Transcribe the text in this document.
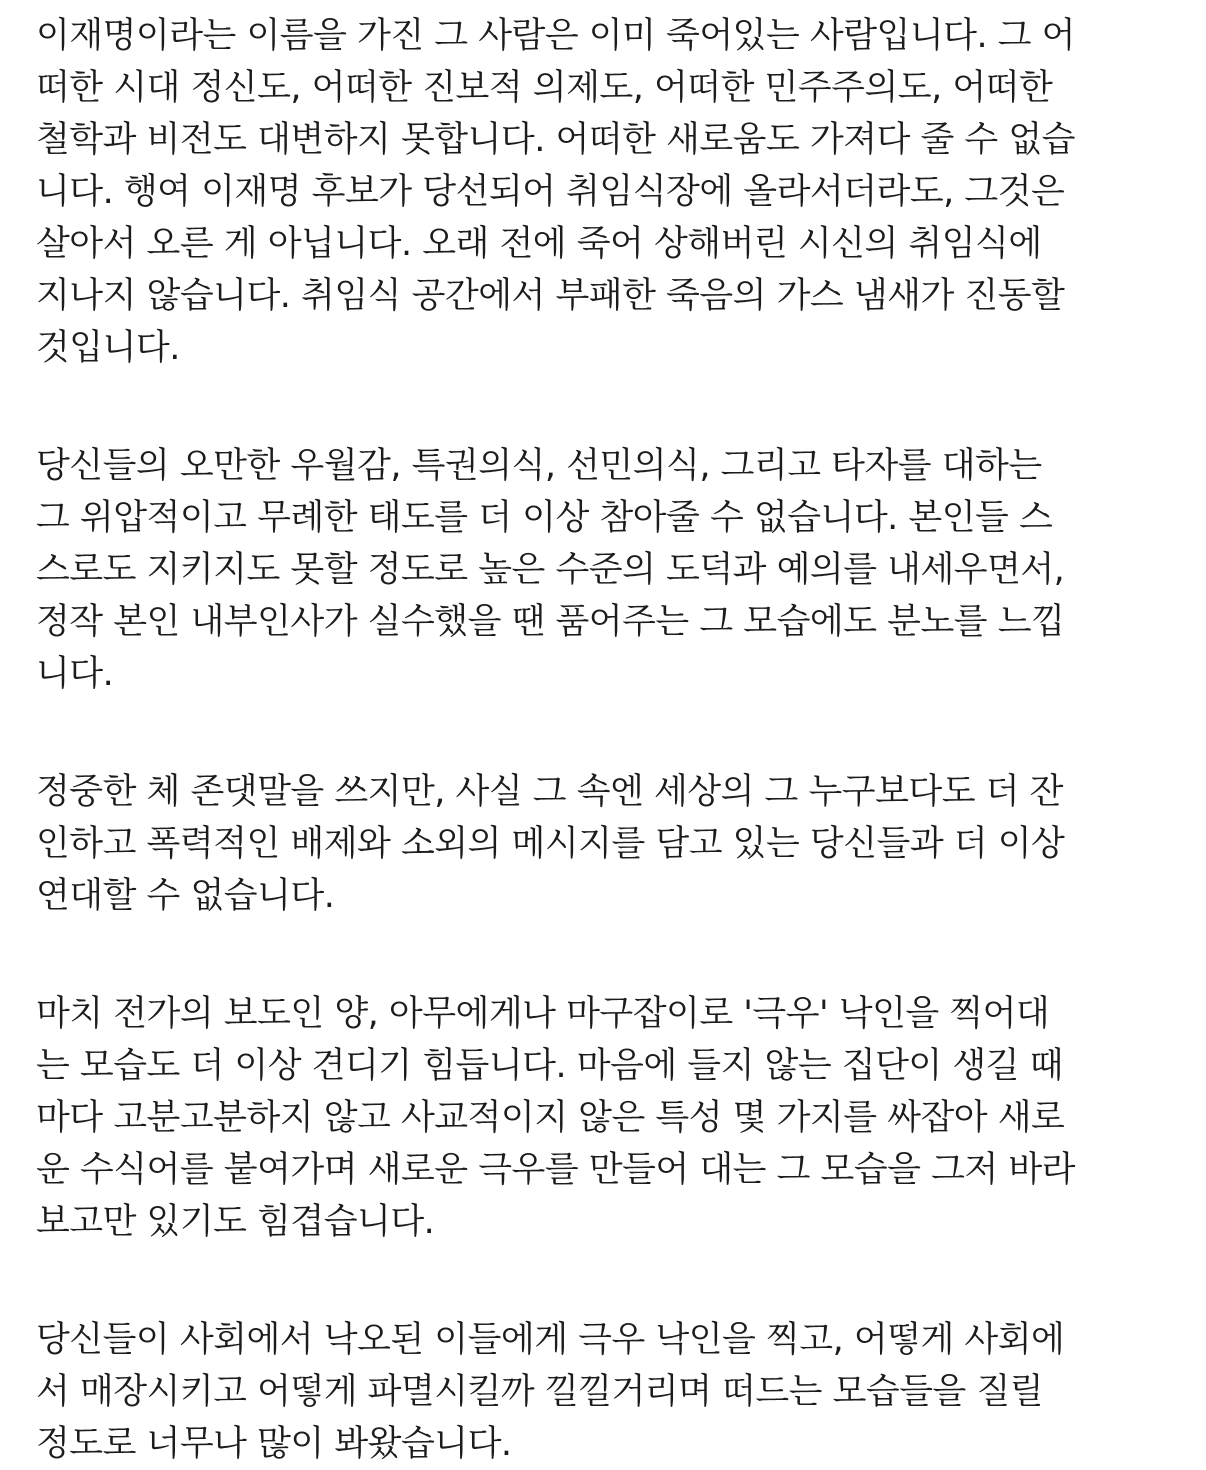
이재명이라는 이름을 가진 그 사람은 이미 죽어있는 사람입니다. 그 어
떠한 시대 정신도, 어떠한 진보적 의제도, 어떠한 민주주의도, 어떠한
철학과 비전도 대변하지 못합니다. 어떠한 새로움도 가져다 줄 수 없습
니다. 행여 이재명 후보가 당선되어 취임식장에 올라서더라도, 그것은
살아서 오른 게 아닙니다. 오래 전에 죽어 상해버린 시신의 취임식에
지나지 않습니다. 취임식 공간에서 부패한 죽음의 가스 냄새가 진동할
것입니다.
당신들의 오만한 우월감, 특권의식, 선민의식, 그리고 타자를 대하는
그 위압적이고 무례한 태도를 더 이상 참아줄 수 없습니다. 본인들 스
스로도 지키지도 못할 정도로 높은 수준의 도덕과 예의를 내세우면서,
정작 본인 내부인사가 실수했을 땐 품어주는 그 모습에도 분노를 느낍
니다.
정중한 체 존댓말을 쓰지만, 사실 그 속엔 세상의 그 누구보다도 더 잔
인하고 폭력적인 배제와 소외의 메시지를 담고 있는 당신들과 더 이상
연대할 수 없습니다.
마치 전가의 보도인 양, 아무에게나 마구잡이로 '극우' 낙인을 찍어대
는 모습도 더 이상 견디기 힘듭니다. 마음에 들지 않는 집단이 생길 때
마다 고분고분하지 않고 사교적이지 않은 특성 몇 가지를 싸잡아 새로
운 수식어를 붙여가며 새로운 극우를 만들어 대는 그 모습을 그저 바라
보고만 있기도 힘겹습니다.
당신들이 사회에서 낙오된 이들에게 극우 낙인을 찍고, 어떻게 사회에
서 매장시키고 어떻게 파멸시킬까 낄낄거리며 떠드는 모습들을 질릴
정도로 너무나 많이 봐왔습니다.
